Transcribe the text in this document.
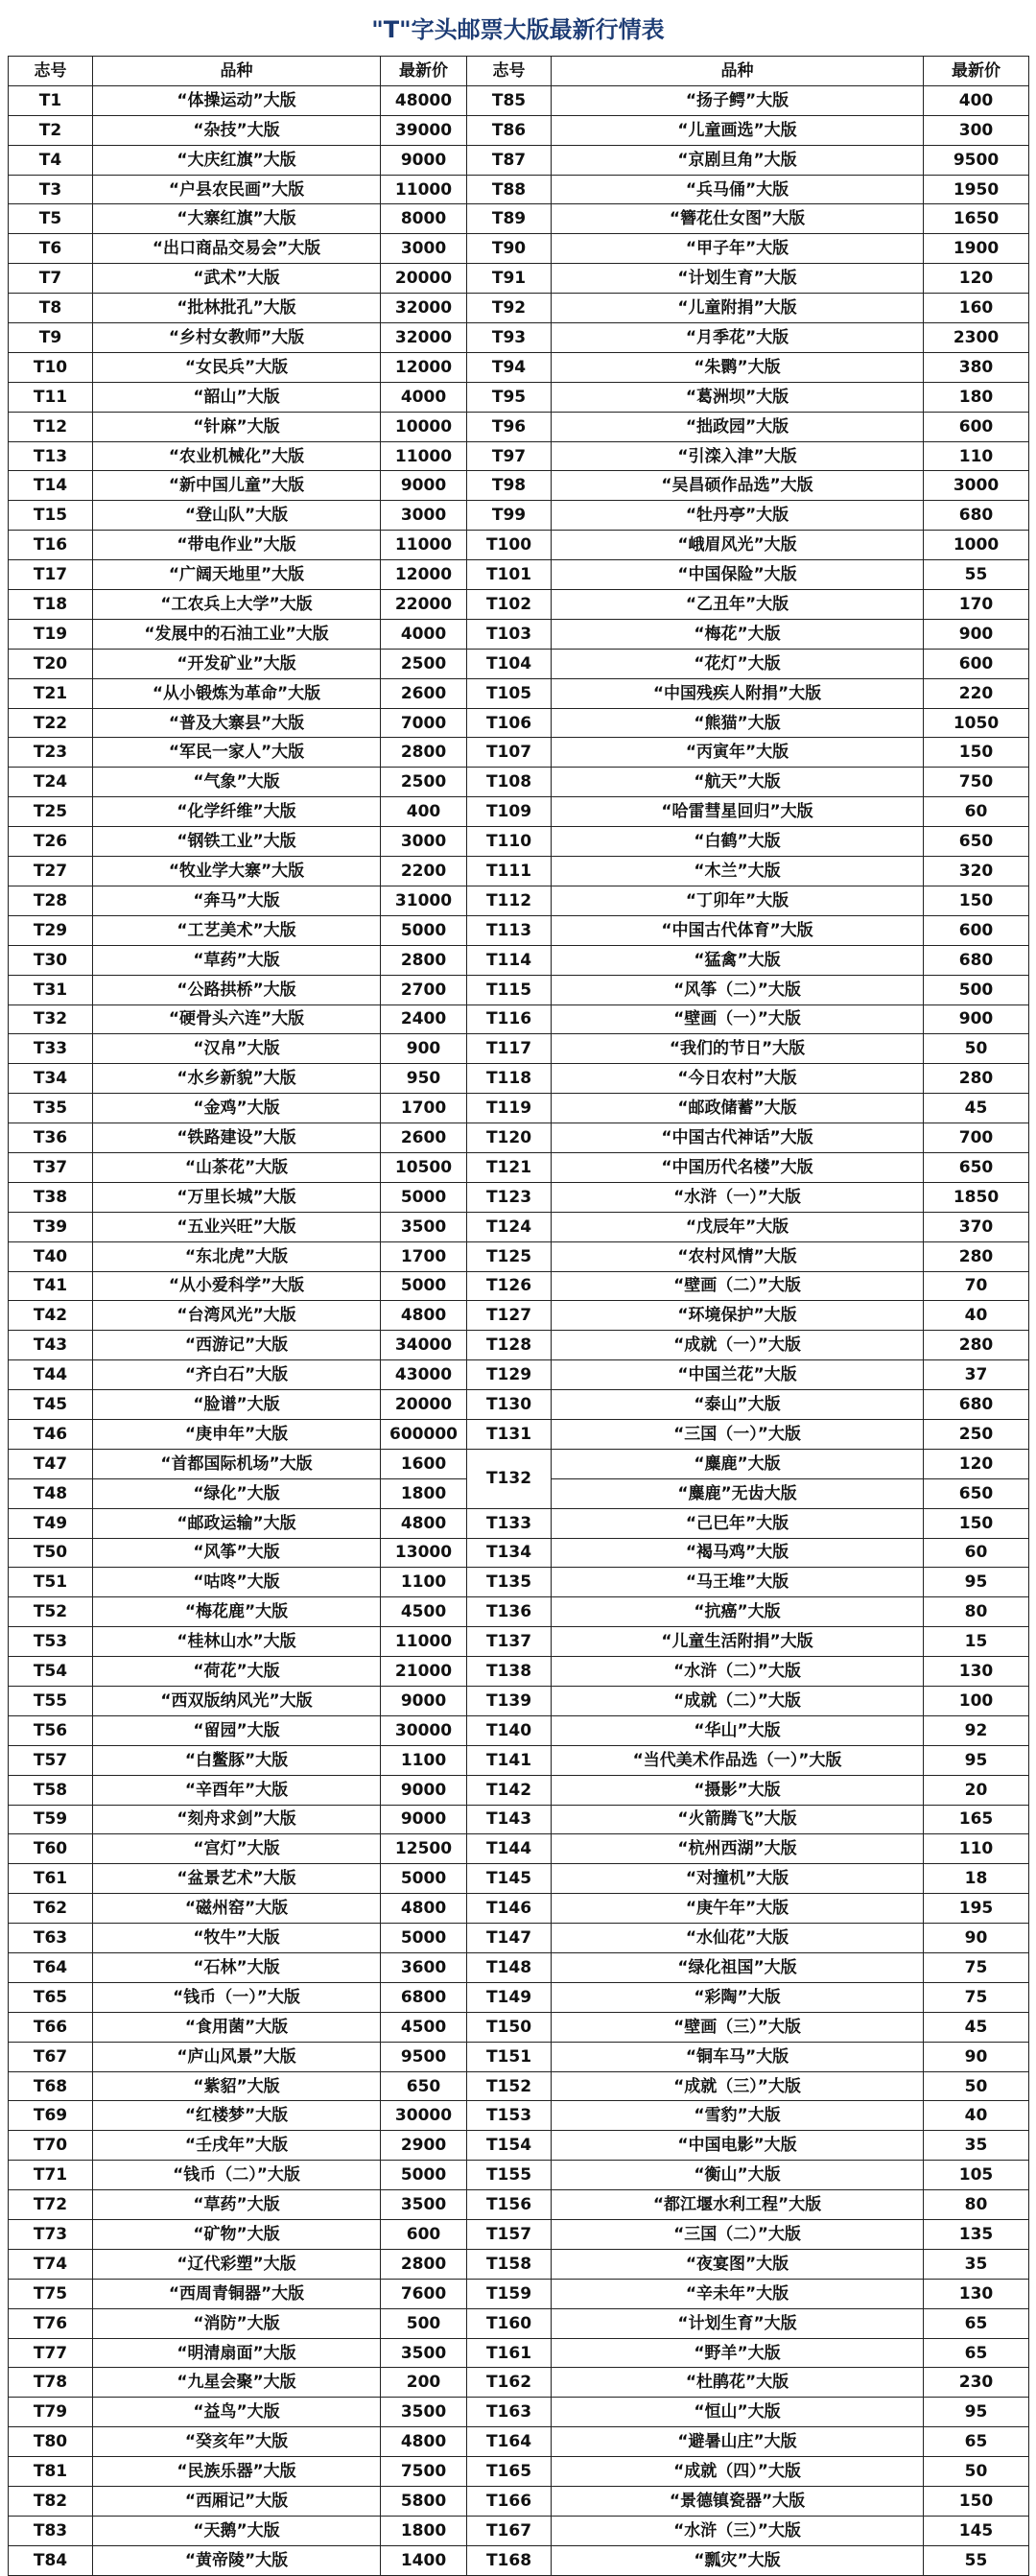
"T"字头邮票大版最新行情表
志号	品种	最新价	志号	品种	最新价
T1	“体操运动”大版	48000	T85	“扬子鳄”大版	400
T2	“杂技”大版	39000	T86	“儿童画选”大版	300
T4	“大庆红旗”大版	9000	T87	“京剧旦角”大版	9500
T3	“户县农民画”大版	11000	T88	“兵马俑”大版	1950
T5	“大寨红旗”大版	8000	T89	“簪花仕女图”大版	1650
T6	“出口商品交易会”大版	3000	T90	“甲子年”大版	1900
T7	“武术”大版	20000	T91	“计划生育”大版	120
T8	“批林批孔”大版	32000	T92	“儿童附捐”大版	160
T9	“乡村女教师”大版	32000	T93	“月季花”大版	2300
T10	“女民兵”大版	12000	T94	“朱鹮”大版	380
T11	“韶山”大版	4000	T95	“葛洲坝”大版	180
T12	“针麻”大版	10000	T96	“拙政园”大版	600
T13	“农业机械化”大版	11000	T97	“引滦入津”大版	110
T14	“新中国儿童”大版	9000	T98	“吴昌硕作品选”大版	3000
T15	“登山队”大版	3000	T99	“牡丹亭”大版	680
T16	“带电作业”大版	11000	T100	“峨眉风光”大版	1000
T17	“广阔天地里”大版	12000	T101	“中国保险”大版	55
T18	“工农兵上大学”大版	22000	T102	“乙丑年”大版	170
T19	“发展中的石油工业”大版	4000	T103	“梅花”大版	900
T20	“开发矿业”大版	2500	T104	“花灯”大版	600
T21	“从小锻炼为革命”大版	2600	T105	“中国残疾人附捐”大版	220
T22	“普及大寨县”大版	7000	T106	“熊猫”大版	1050
T23	“军民一家人”大版	2800	T107	“丙寅年”大版	150
T24	“气象”大版	2500	T108	“航天”大版	750
T25	“化学纤维”大版	400	T109	“哈雷彗星回归”大版	60
T26	“钢铁工业”大版	3000	T110	“白鹤”大版	650
T27	“牧业学大寨”大版	2200	T111	“木兰”大版	320
T28	“奔马”大版	31000	T112	“丁卯年”大版	150
T29	“工艺美术”大版	5000	T113	“中国古代体育”大版	600
T30	“草药”大版	2800	T114	“猛禽”大版	680
T31	“公路拱桥”大版	2700	T115	“风筝（二）”大版	500
T32	“硬骨头六连”大版	2400	T116	“壁画（一）”大版	900
T33	“汉帛”大版	900	T117	“我们的节日”大版	50
T34	“水乡新貌”大版	950	T118	“今日农村”大版	280
T35	“金鸡”大版	1700	T119	“邮政储蓄”大版	45
T36	“铁路建设”大版	2600	T120	“中国古代神话”大版	700
T37	“山茶花”大版	10500	T121	“中国历代名楼”大版	650
T38	“万里长城”大版	5000	T123	“水浒（一）”大版	1850
T39	“五业兴旺”大版	3500	T124	“戊辰年”大版	370
T40	“东北虎”大版	1700	T125	“农村风情”大版	280
T41	“从小爱科学”大版	5000	T126	“壁画（二）”大版	70
T42	“台湾风光”大版	4800	T127	“环境保护”大版	40
T43	“西游记”大版	34000	T128	“成就（一）”大版	280
T44	“齐白石”大版	43000	T129	“中国兰花”大版	37
T45	“脸谱”大版	20000	T130	“泰山”大版	680
T46	“庚申年”大版	600000	T131	“三国（一）”大版	250
T47	“首都国际机场”大版	1600	T132	“麋鹿”大版	120
T48	“绿化”大版	1800		“麋鹿”无齿大版	650
T49	“邮政运输”大版	4800	T133	“己巳年”大版	150
T50	“风筝”大版	13000	T134	“褐马鸡”大版	60
T51	“咕咚”大版	1100	T135	“马王堆”大版	95
T52	“梅花鹿”大版	4500	T136	“抗癌”大版	80
T53	“桂林山水”大版	11000	T137	“儿童生活附捐”大版	15
T54	“荷花”大版	21000	T138	“水浒（二）”大版	130
T55	“西双版纳风光”大版	9000	T139	“成就（二）”大版	100
T56	“留园”大版	30000	T140	“华山”大版	92
T57	“白鳖豚”大版	1100	T141	“当代美术作品选（一）”大版	95
T58	“辛酉年”大版	9000	T142	“摄影”大版	20
T59	“刻舟求剑”大版	9000	T143	“火箭腾飞”大版	165
T60	“宫灯”大版	12500	T144	“杭州西湖”大版	110
T61	“盆景艺术”大版	5000	T145	“对撞机”大版	18
T62	“磁州窑”大版	4800	T146	“庚午年”大版	195
T63	“牧牛”大版	5000	T147	“水仙花”大版	90
T64	“石林”大版	3600	T148	“绿化祖国”大版	75
T65	“钱币（一）”大版	6800	T149	“彩陶”大版	75
T66	“食用菌”大版	4500	T150	“壁画（三）”大版	45
T67	“庐山风景”大版	9500	T151	“铜车马”大版	90
T68	“紫貂”大版	650	T152	“成就（三）”大版	50
T69	“红楼梦”大版	30000	T153	“雪豹”大版	40
T70	“壬戌年”大版	2900	T154	“中国电影”大版	35
T71	“钱币（二）”大版	5000	T155	“衡山”大版	105
T72	“草药”大版	3500	T156	“都江堰水利工程”大版	80
T73	“矿物”大版	600	T157	“三国（二）”大版	135
T74	“辽代彩塑”大版	2800	T158	“夜宴图”大版	35
T75	“西周青铜器”大版	7600	T159	“辛未年”大版	130
T76	“消防”大版	500	T160	“计划生育”大版	65
T77	“明清扇面”大版	3500	T161	“野羊”大版	65
T78	“九星会聚”大版	200	T162	“杜鹃花”大版	230
T79	“益鸟”大版	3500	T163	“恒山”大版	95
T80	“癸亥年”大版	4800	T164	“避暑山庄”大版	65
T81	“民族乐器”大版	7500	T165	“成就（四）”大版	50
T82	“西厢记”大版	5800	T166	“景德镇瓷器”大版	150
T83	“天鹅”大版	1800	T167	“水浒（三）”大版	145
T84	“黄帝陵”大版	1400	T168	“瓢灾”大版	55
